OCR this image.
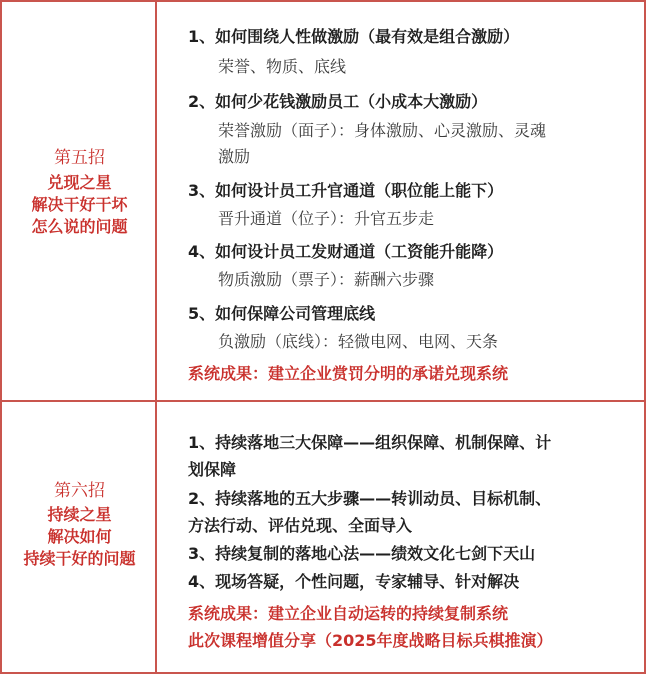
第五招
兑现之星
解决干好干坏
怎么说的问题
1、如何围绕人性做激励（最有效是组合激励）
荣誉、物质、底线
2、如何少花钱激励员工（小成本大激励）
荣誉激励（面子）：身体激励、心灵激励、灵魂
激励
3、如何设计员工升官通道（职位能上能下）
晋升通道（位子）：升官五步走
4、如何设计员工发财通道（工资能升能降）
物质激励（票子）：薪酬六步骤
5、如何保障公司管理底线
负激励（底线）：轻微电网、电网、天条
系统成果：建立企业赏罚分明的承诺兑现系统
第六招
持续之星
解决如何
持续干好的问题
1、持续落地三大保障——组织保障、机制保障、计
划保障
2、持续落地的五大步骤——转训动员、目标机制、
方法行动、评估兑现、全面导入
3、持续复制的落地心法——绩效文化七剑下天山
4、现场答疑，个性问题，专家辅导、针对解决
系统成果：建立企业自动运转的持续复制系统
此次课程增值分享（2025年度战略目标兵棋推演）
